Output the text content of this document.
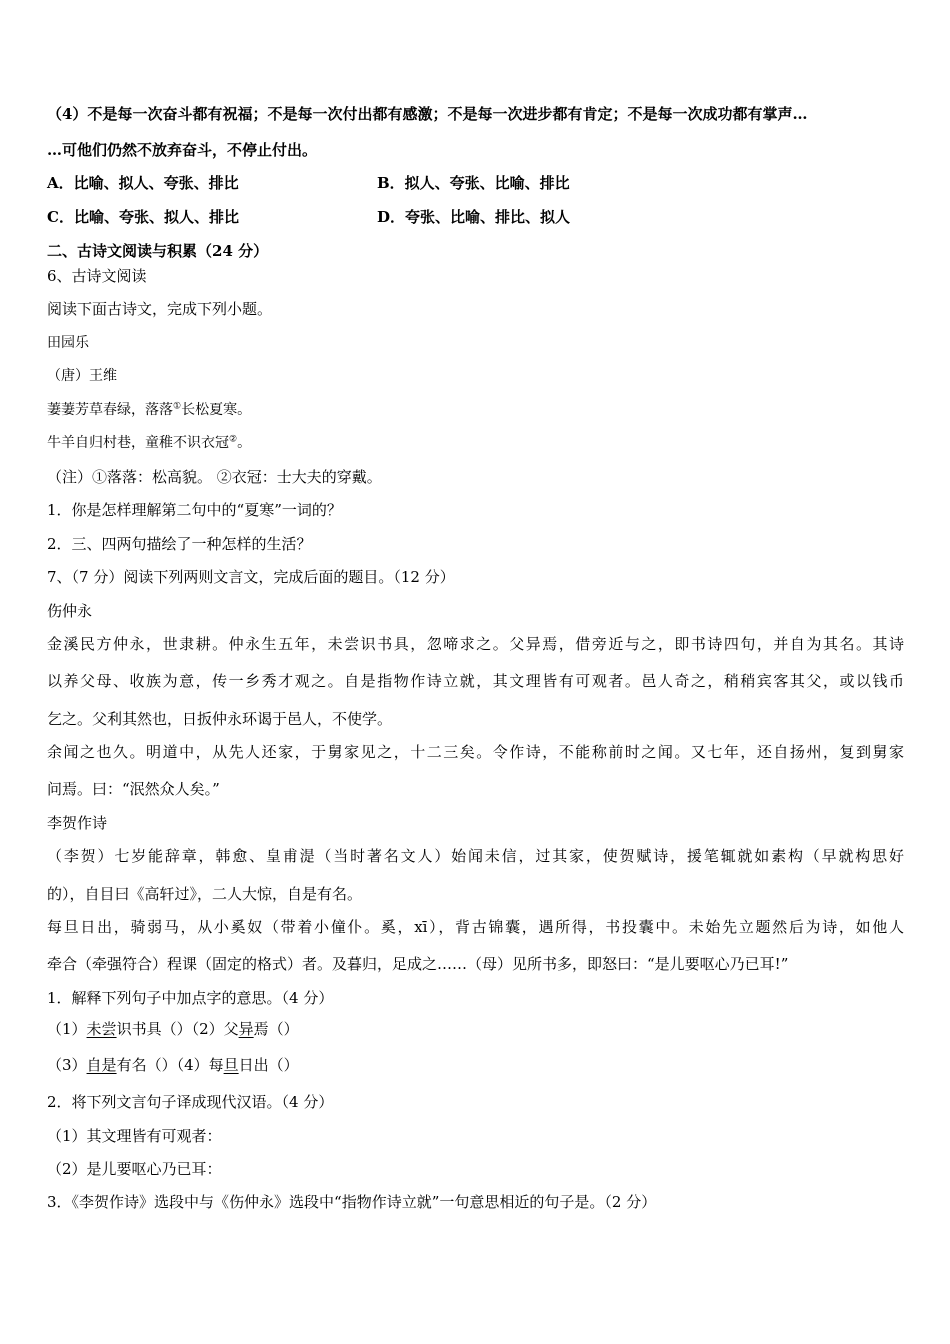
（4）不是每一次奋斗都有祝福；不是每一次付出都有感激；不是每一次进步都有肯定；不是每一次成功都有掌声…
…可他们仍然不放弃奋斗，不停止付出。
A．比喻、拟人、夸张、排比	B．拟人、夸张、比喻、排比
C．比喻、夸张、拟人、排比	D．夸张、比喻、排比、拟人
二、古诗文阅读与积累（24 分）
6、古诗文阅读
阅读下面古诗文，完成下列小题。
田园乐
（唐）王维
萋萋芳草春绿，落落①长松夏寒。
牛羊自归村巷，童稚不识衣冠②。
（注）①落落：松高貌。 ②衣冠：士大夫的穿戴。
1．你是怎样理解第二句中的“夏寒”一词的？
2．三、四两句描绘了一种怎样的生活？
7、（7 分）阅读下列两则文言文，完成后面的题目。（12 分）
伤仲永
金溪民方仲永，世隶耕。仲永生五年，未尝识书具，忽啼求之。父异焉，借旁近与之，即书诗四句，并自为其名。其诗
以养父母、收族为意，传一乡秀才观之。自是指物作诗立就，其文理皆有可观者。邑人奇之，稍稍宾客其父，或以钱币
乞之。父利其然也，日扳仲永环谒于邑人，不使学。
余闻之也久。明道中，从先人还家，于舅家见之，十二三矣。令作诗，不能称前时之闻。又七年，还自扬州，复到舅家
问焉。曰：“泯然众人矣。”
李贺作诗
（李贺）七岁能辞章，韩愈、皇甫湜（当时著名文人）始闻未信，过其家，使贺赋诗，援笔辄就如素构（早就构思好
的），自目曰《高轩过》，二人大惊，自是有名。
每旦日出，骑弱马，从小奚奴（带着小僮仆。奚，xī），背古锦囊，遇所得，书投囊中。未始先立题然后为诗，如他人
牵合（牵强符合）程课（固定的格式）者。及暮归，足成之……（母）见所书多，即怒曰：“是儿要呕心乃已耳!”
1．解释下列句子中加点字的意思。（4 分）
（1）未尝识书具（）（2）父异焉（）
（3）自是有名（）（4）每旦日出（）
2．将下列文言句子译成现代汉语。（4 分）
（1）其文理皆有可观者：
（2）是儿要呕心乃已耳：
3．《李贺作诗》选段中与《伤仲永》选段中“指物作诗立就”一句意思相近的句子是。（2 分）
